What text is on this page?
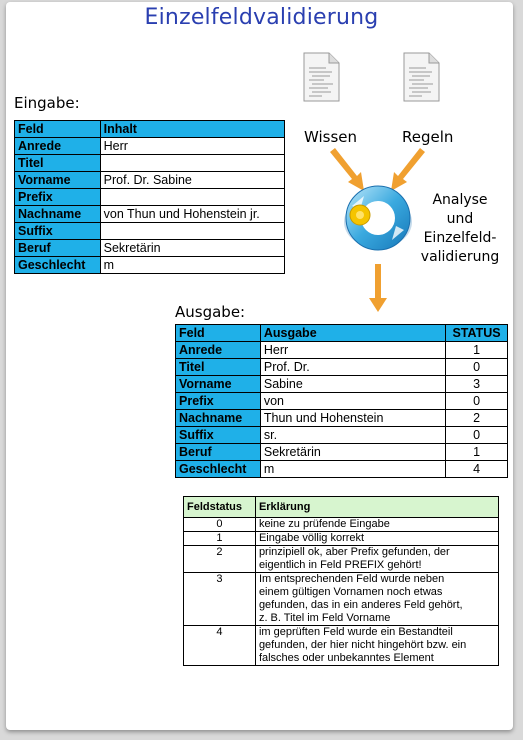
Einzelfeldvalidierung
Eingabe:
Feld	Inhalt
Anrede	Herr
Titel	
Vorname	Prof. Dr. Sabine
Prefix	
Nachname	von Thun und Hohenstein jr.
Suffix	
Beruf	Sekretärin
Geschlecht	m
Wissen	Regeln
Analyse
und
Einzelfeld-
validierung
Ausgabe:
Feld	Ausgabe	STATUS
Anrede	Herr	1
Titel	Prof. Dr.	0
Vorname	Sabine	3
Prefix	von	0
Nachname	Thun und Hohenstein	2
Suffix	sr.	0
Beruf	Sekretärin	1
Geschlecht	m	4
Feldstatus	Erklärung
0	keine zu prüfende Eingabe

1	Eingabe völlig korrekt

2	prinzipiell ok, aber Prefix gefunden, der
eigentlich in Feld PREFIX gehört!

3	Im entsprechenden Feld wurde neben
einem gültigen Vornamen noch etwas
gefunden, das in ein anderes Feld gehört,
z. B. Titel im Feld Vorname

4	im geprüften Feld wurde ein Bestandteil
gefunden, der hier nicht hingehört bzw. ein
falsches oder unbekanntes Element
